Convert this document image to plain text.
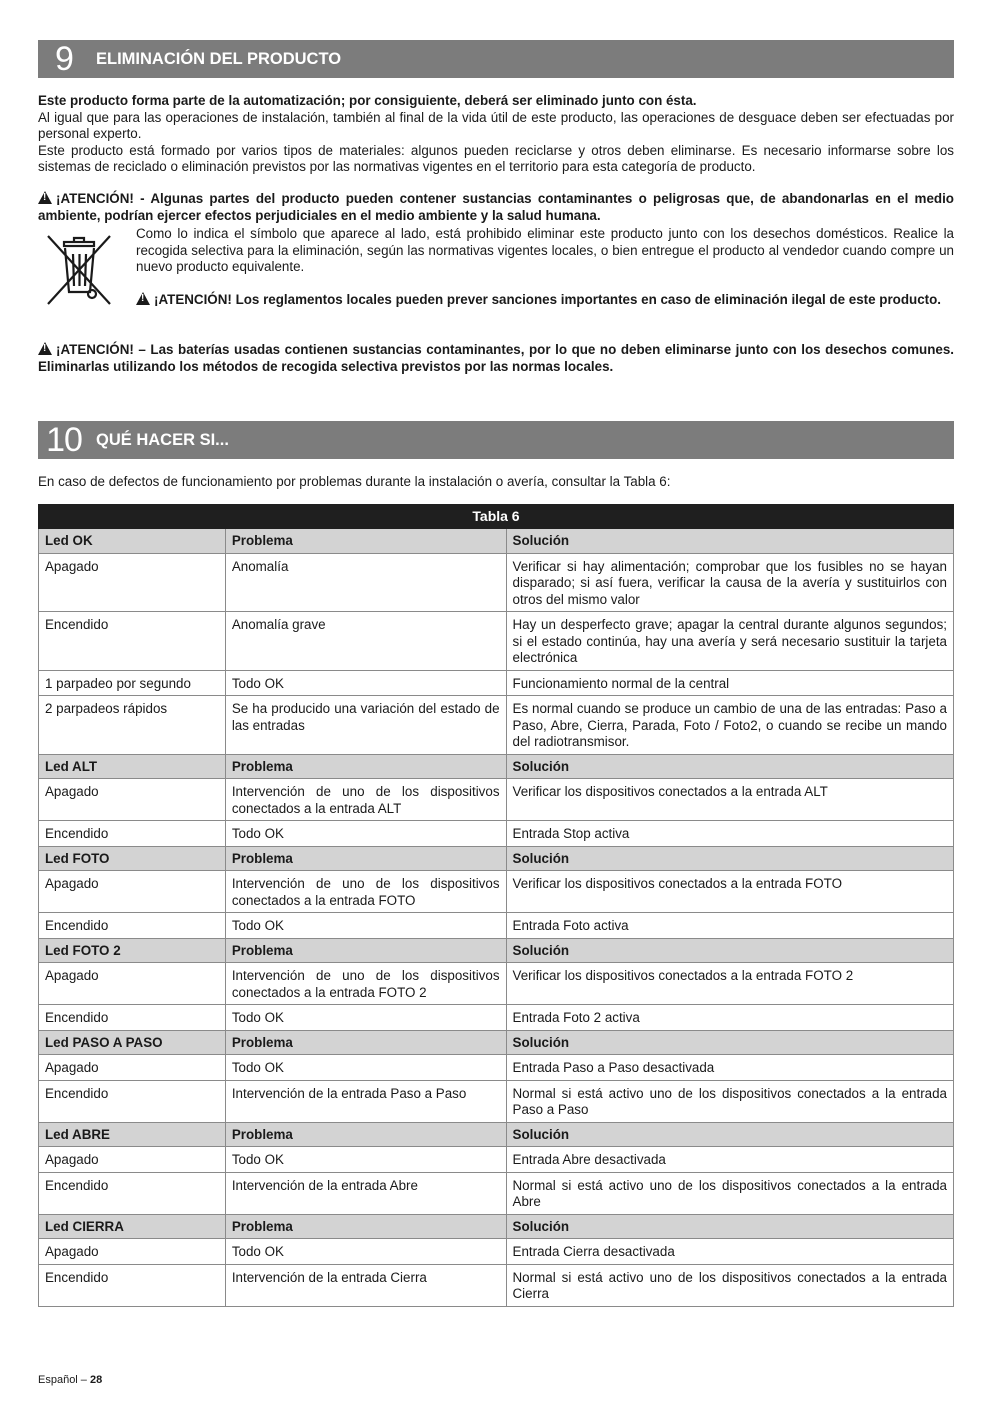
9	ELIMINACIÓN DEL PRODUCTO
Este producto forma parte de la automatización; por consiguiente, deberá ser eliminado junto con ésta.
Al igual que para las operaciones de instalación, también al final de la vida útil de este producto, las operaciones de desguace deben ser efectuadas por personal experto.
Este producto está formado por varios tipos de materiales: algunos pueden reciclarse y otros deben eliminarse. Es necesario informarse sobre los sistemas de reciclado o eliminación previstos por las normativas vigentes en el territorio para esta categoría de producto.
!¡ATENCIÓN! - Algunas partes del producto pueden contener sustancias contaminantes o peligrosas que, de abandonarlas en el medio ambiente, podrían ejercer efectos perjudiciales en el medio ambiente y la salud humana.
Como lo indica el símbolo que aparece al lado, está prohibido eliminar este producto junto con los desechos domésticos. Realice la recogida selectiva para la eliminación, según las normativas vigentes locales, o bien entregue el producto al vendedor cuando compre un nuevo producto equivalente.
!¡ATENCIÓN! Los reglamentos locales pueden prever sanciones importantes en caso de eliminación ilegal de este producto.
!¡ATENCIÓN! – Las baterías usadas contienen sustancias contaminantes, por lo que no deben eliminarse junto con los desechos comunes. Eliminarlas utilizando los métodos de recogida selectiva previstos por las normas locales.
10 QUÉ HACER SI...
En caso de defectos de funcionamiento por problemas durante la instalación o avería, consultar la Tabla 6:
Tabla 6		
Led OK	Problema	Solución
Apagado	Anomalía	Verificar si hay alimentación; comprobar que los fusibles no se hayan disparado; si así fuera, verificar la causa de la avería y sustituirlos con otros del mismo valor
Encendido	Anomalía grave	Hay un desperfecto grave; apagar la central durante algunos segundos; si el estado continúa, hay una avería y será necesario sustituir la tarjeta electrónica
1 parpadeo por segundo	Todo OK	Funcionamiento normal de la central
2 parpadeos rápidos	Se ha producido una variación del estado de las entradas	Es normal cuando se produce un cambio de una de las entradas: Paso a Paso, Abre, Cierra, Parada, Foto / Foto2, o cuando se recibe un mando del radiotransmisor.
Led ALT	Problema	Solución
Apagado	Intervención de uno de los dispositivos conectados a la entrada ALT	Verificar los dispositivos conectados a la entrada ALT
Encendido	Todo OK	Entrada Stop activa
Led FOTO	Problema	Solución
Apagado	Intervención de uno de los dispositivos conectados a la entrada FOTO	Verificar los dispositivos conectados a la entrada FOTO
Encendido	Todo OK	Entrada Foto activa
Led FOTO 2	Problema	Solución
Apagado	Intervención de uno de los dispositivos conectados a la entrada FOTO 2	Verificar los dispositivos conectados a la entrada FOTO 2
Encendido	Todo OK	Entrada Foto 2 activa
Led PASO A PASO	Problema	Solución
Apagado	Todo OK	Entrada Paso a Paso desactivada
Encendido	Intervención de la entrada Paso a Paso	Normal si está activo uno de los dispositivos conectados a la entrada Paso a Paso
Led ABRE	Problema	Solución
Apagado	Todo OK	Entrada Abre desactivada
Encendido	Intervención de la entrada Abre	Normal si está activo uno de los dispositivos conectados a la entrada Abre
Led CIERRA	Problema	Solución
Apagado	Todo OK	Entrada Cierra desactivada
Encendido	Intervención de la entrada Cierra	Normal si está activo uno de los dispositivos conectados a la entrada Cierra
Español – 28
